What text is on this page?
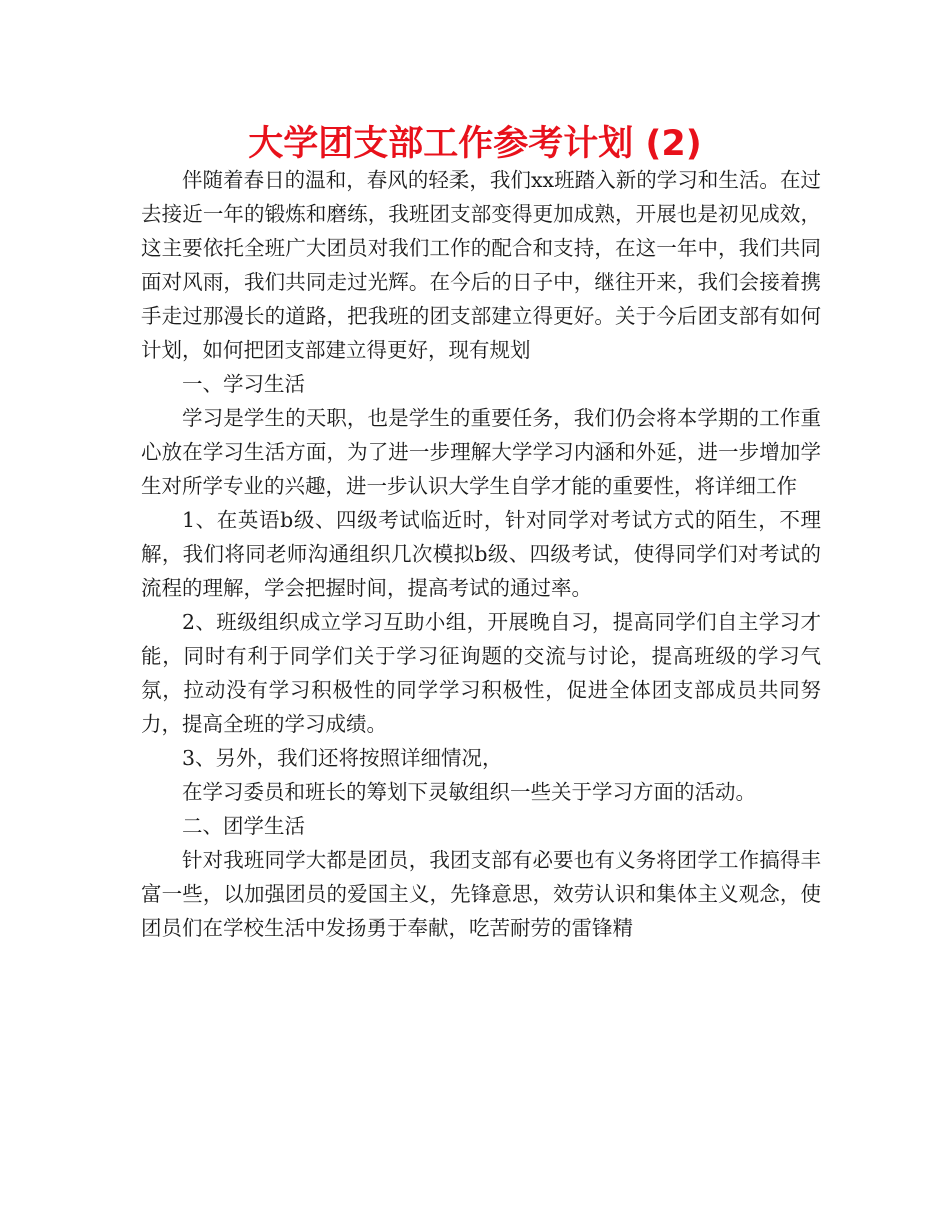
大学团支部工作参考计划 (2)

伴随着春日的温和，春风的轻柔，我们xx班踏入新的学习和生活。在过去接近一年的锻炼和磨练，我班团支部变得更加成熟，开展也是初见成效，这主要依托全班广大团员对我们工作的配合和支持，在这一年中，我们共同面对风雨，我们共同走过光辉。在今后的日子中，继往开来，我们会接着携手走过那漫长的道路，把我班的团支部建立得更好。关于今后团支部有如何计划，如何把团支部建立得更好，现有规划

一、学习生活

学习是学生的天职，也是学生的重要任务，我们仍会将本学期的工作重心放在学习生活方面，为了进一步理解大学学习内涵和外延，进一步增加学生对所学专业的兴趣，进一步认识大学生自学才能的重要性，将详细工作

1、在英语b级、四级考试临近时，针对同学对考试方式的陌生，不理解，我们将同老师沟通组织几次模拟b级、四级考试，使得同学们对考试的流程的理解，学会把握时间，提高考试的通过率。

2、班级组织成立学习互助小组，开展晚自习，提高同学们自主学习才能，同时有利于同学们关于学习征询题的交流与讨论，提高班级的学习气氛，拉动没有学习积极性的同学学习积极性，促进全体团支部成员共同努力，提高全班的学习成绩。

3、另外，我们还将按照详细情况，

在学习委员和班长的筹划下灵敏组织一些关于学习方面的活动。

二、团学生活

针对我班同学大都是团员，我团支部有必要也有义务将团学工作搞得丰富一些，以加强团员的爱国主义，先锋意思，效劳认识和集体主义观念，使团员们在学校生活中发扬勇于奉献，吃苦耐劳的雷锋精
